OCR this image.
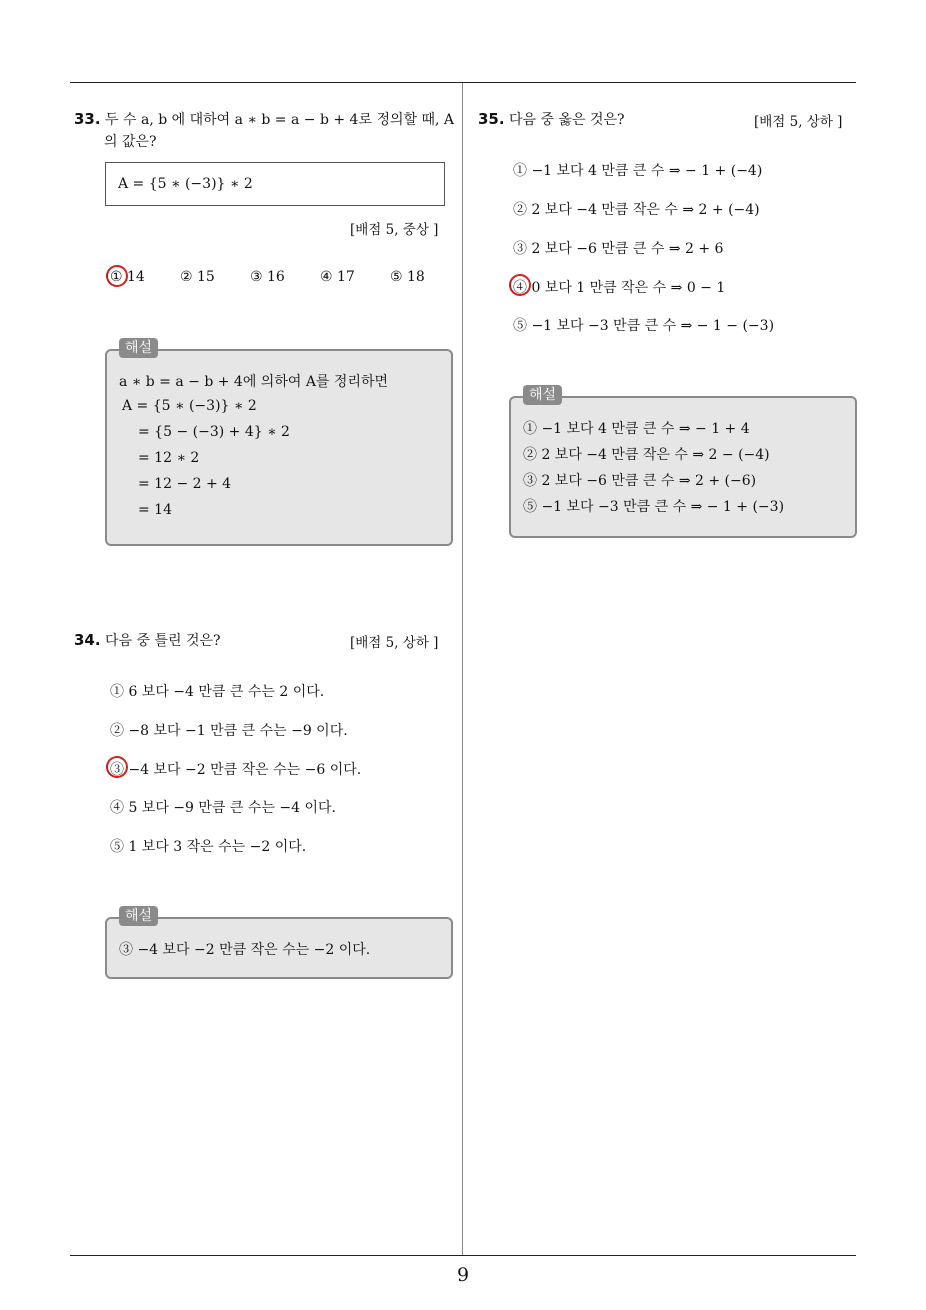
9
33. 두 수 a, b 에 대하여 a ∗ b = a − b + 4로 정의할 때, A
의 값은?
A = {5 ∗ (−3)} ∗ 2
[배점 5, 중상 ]
① 14	② 15	③ 16	④ 17	⑤ 18
a ∗ b = a − b + 4에 의하여 A를 정리하면
A = {5 ∗ (−3)} ∗ 2
= {5 − (−3) + 4} ∗ 2
= 12 ∗ 2
= 12 − 2 + 4
= 14
해설
34. 다음 중 틀린 것은?	[배점 5, 상하 ]
① 6 보다 −4 만큼 큰 수는 2 이다.
② −8 보다 −1 만큼 큰 수는 −9 이다.
③ −4 보다 −2 만큼 작은 수는 −6 이다.
④ 5 보다 −9 만큼 큰 수는 −4 이다.
⑤ 1 보다 3 작은 수는 −2 이다.
③ −4 보다 −2 만큼 작은 수는 −2 이다.
해설
35. 다음 중 옳은 것은?	[배점 5, 상하 ]
① −1 보다 4 만큼 큰 수 ⇒ − 1 + (−4)
② 2 보다 −4 만큼 작은 수 ⇒ 2 + (−4)
③ 2 보다 −6 만큼 큰 수 ⇒ 2 + 6
④ 0 보다 1 만큼 작은 수 ⇒ 0 − 1
⑤ −1 보다 −3 만큼 큰 수 ⇒ − 1 − (−3)
① −1 보다 4 만큼 큰 수 ⇒ − 1 + 4
② 2 보다 −4 만큼 작은 수 ⇒ 2 − (−4)
③ 2 보다 −6 만큼 큰 수 ⇒ 2 + (−6)
⑤ −1 보다 −3 만큼 큰 수 ⇒ − 1 + (−3)
해설
